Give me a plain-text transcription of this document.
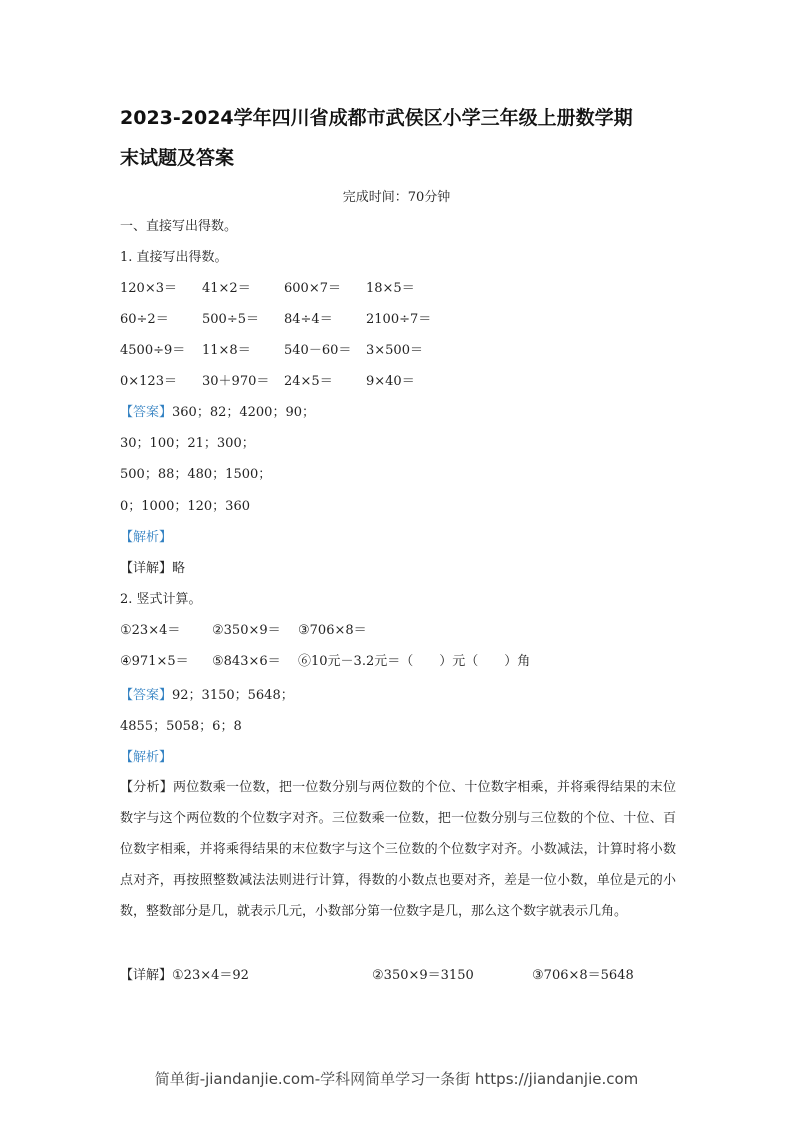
2023-2024学年四川省成都市武侯区小学三年级上册数学期
末试题及答案
完成时间：70分钟
一、直接写出得数。
1. 直接写出得数。
120×3＝ 41×2＝	600×7＝ 18×5＝
60÷2＝	500÷5＝ 84÷4＝	2100÷7＝
4500÷9＝ 11×8＝	540－60＝ 3×500＝
0×123＝ 30＋970＝ 24×5＝	9×40＝
【答案】360；82；4200；90；
30；100；21；300；
500；88；480；1500；
0；1000；120；360
【解析】
【详解】略
2. 竖式计算。
①23×4＝ ②350×9＝ ③706×8＝
④971×5＝ ⑤843×6＝ ⑥10元－3.2元＝（　　）元（　　）角
【答案】92；3150；5648；
4855；5058；6；8
【解析】
【分析】两位数乘一位数，把一位数分别与两位数的个位、十位数字相乘，并将乘得结果的末位数字与这个两位数的个位数字对齐。三位数乘一位数，把一位数分别与三位数的个位、十位、百位数字相乘，并将乘得结果的末位数字与这个三位数的个位数字对齐。小数减法，计算时将小数点对齐，再按照整数减法法则进行计算，得数的小数点也要对齐，差是一位小数，单位是元的小数，整数部分是几，就表示几元，小数部分第一位数字是几，那么这个数字就表示几角。
【详解】①23×4＝92	②350×9＝3150	③706×8＝5648
简单街-jiandanjie.com-学科网简单学习一条街 https://jiandanjie.com
